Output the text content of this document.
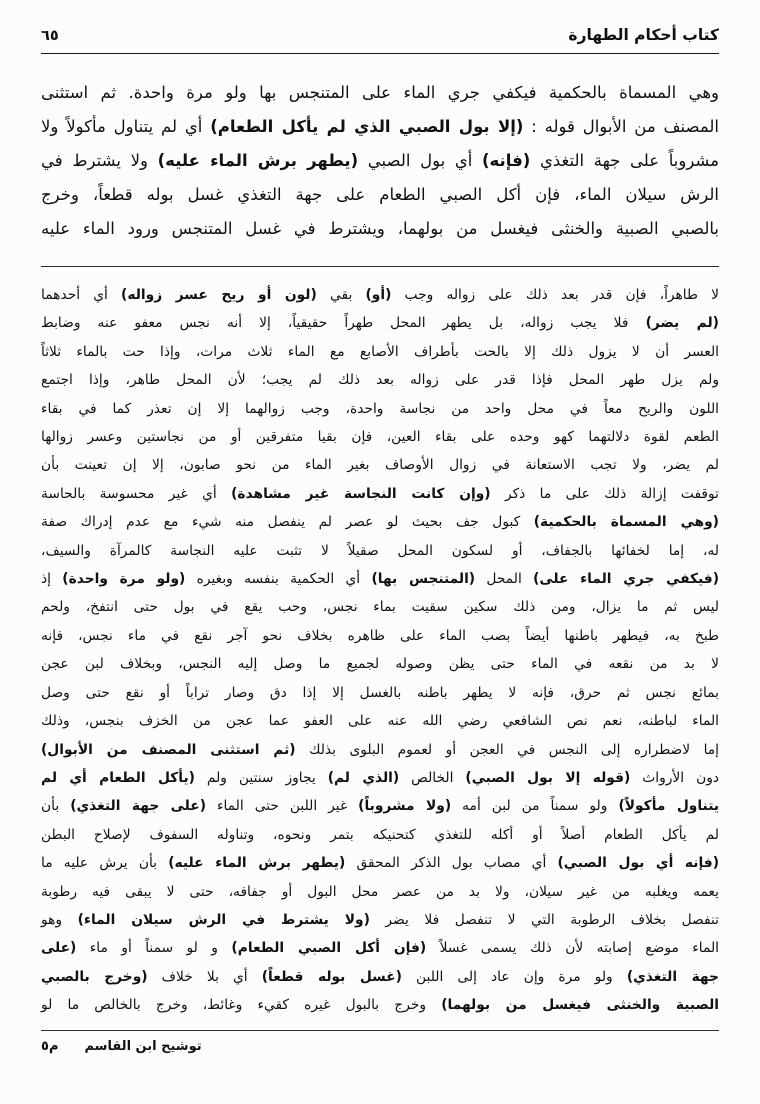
كتاب أحكام الطهارة
٦٥
وهي المسماة بالحكمية فيكفي جري الماء على المتنجس بها ولو مرة واحدة. ثم استثنى
المصنف من الأبوال قوله : (إلا بول الصبي الذي لم يأكل الطعام) أي لم يتناول مأكولاً ولا
مشروباً على جهة التغذي (فإنه) أي بول الصبي (يطهر برش الماء عليه) ولا يشترط في
الرش سيلان الماء، فإن أكل الصبي الطعام على جهة التغذي غسل بوله قطعاً، وخرج
بالصبي الصبية والخنثى فيغسل من بولهما، ويشترط في غسل المتنجس ورود الماء عليه
لا طاهراً، فإن قدر بعد ذلك على زواله وجب (أو) بقي (لون أو ريح عسر زواله) أي أحدهما
(لم يضر) فلا يجب زواله، بل يطهر المحل طهراً حقيقياً، إلا أنه نجس معفو عنه وضابط
العسر أن لا يزول ذلك إلا بالحت بأطراف الأصابع مع الماء ثلاث مرات، وإذا حت بالماء ثلاثاً
ولم يزل طهر المحل فإذا قدر على زواله بعد ذلك لم يجب؛ لأن المحل طاهر، وإذا اجتمع
اللون والريح معاً في محل واحد من نجاسة واحدة، وجب زوالهما إلا إن تعذر كما في بقاء
الطعم لقوة دلالتهما كهو وحده على بقاء العين، فإن بقيا متفرقين أو من نجاستين وعسر زوالها
لم يضر، ولا تجب الاستعانة في زوال الأوصاف بغير الماء من نحو صابون، إلا إن تعينت بأن
توقفت إزالة ذلك على ما ذكر (وإن كانت النجاسة غير مشاهدة) أي غير محسوسة بالحاسة
(وهي المسماة بالحكمية) كبول جف بحيث لو عصر لم ينفصل منه شيء مع عدم إدراك صفة
له، إما لخفائها بالجفاف، أو لسكون المحل صقيلاً لا تثبت عليه النجاسة كالمرآة والسيف،
(فيكفي جري الماء على) المحل (المتنجس بها) أي الحكمية بنفسه وبغيره (ولو مرة واحدة) إذ
ليس ثم ما يزال، ومن ذلك سكين سقيت بماء نجس، وحب يقع في بول حتى انتفخ، ولحم
طبخ به، فيطهر باطنها أيضاً بصب الماء على ظاهره بخلاف نحو آجر نقع في ماء نجس، فإنه
لا بد من نقعه في الماء حتى يظن وصوله لجميع ما وصل إليه النجس، وبخلاف لبن عجن
بمائع نجس ثم حرق، فإنه لا يطهر باطنه بالغسل إلا إذا دق وصار تراباً أو نقع حتى وصل
الماء لباطنه، نعم نص الشافعي رضي الله عنه على العفو عما عجن من الخزف بنجس، وذلك
إما لاضطراره إلى النجس في العجن أو لعموم البلوى بذلك (ثم استثنى المصنف من الأبوال)
دون الأرواث (قوله إلا بول الصبي) الخالص (الذي لم) يجاوز سنتين ولم (يأكل الطعام أي لم
يتناول مأكولاً) ولو سمناً من لبن أمه (ولا مشروباً) غير اللبن حتى الماء (على جهة التغذي) بأن
لم يأكل الطعام أصلاً أو أكله للتغذي كتحنيكه بتمر ونحوه، وتناوله السفوف لإصلاح البطن
(فإنه أي بول الصبي) أي مصاب بول الذكر المحقق (يطهر برش الماء عليه) بأن يرش عليه ما
يعمه ويغلبه من غير سيلان، ولا بد من عصر محل البول أو جفافه، حتى لا يبقى فيه رطوبة
تنفصل بخلاف الرطوبة التي لا تنفصل فلا يضر (ولا يشترط في الرش سيلان الماء) وهو
الماء موضع إصابته لأن ذلك يسمى غسلاً (فإن أكل الصبي الطعام) و لو سمناً أو ماء (على
جهة التغذي) ولو مرة وإن عاد إلى اللبن (غسل بوله قطعاً) أي بلا خلاف (وخرج بالصبي
الصبية والخنثى فيغسل من بولهما) وخرج بالبول غيره كقيء وغائط، وخرج بالخالص ما لو
توشيح ابن القاسم
م٥
